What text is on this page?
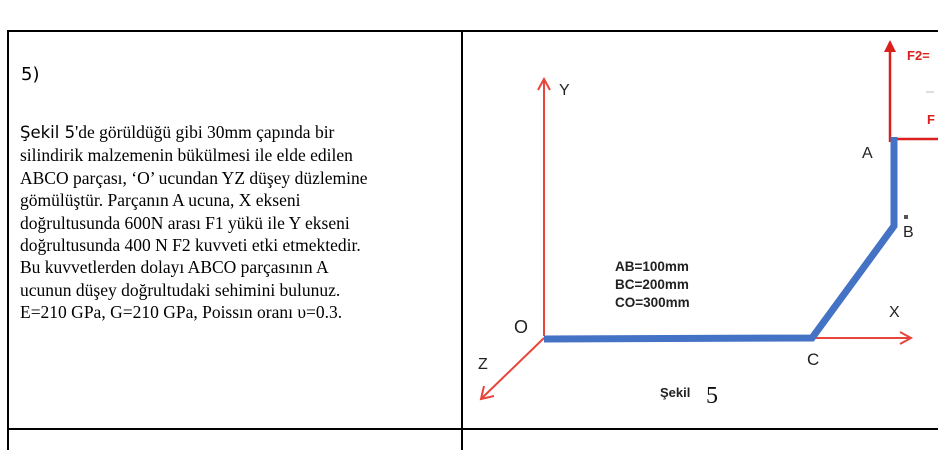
5)
Şekil 5'de görüldüğü gibi 30mm çapında bir
silindirik malzemenin bükülmesi ile elde edilen
ABCO parçası, ‘O’ ucundan YZ düşey düzlemine
gömülüştür. Parçanın A ucuna, X ekseni
doğrultusunda 600N arası F1 yükü ile Y ekseni
doğrultusunda 400 N F2 kuvveti etki etmektedir.
Bu kuvvetlerden dolayı ABCO parçasının A
ucunun düşey doğrultudaki sehimini bulunuz.
E=210 GPa, G=210 GPa, Poissın oranı υ=0.3.
Y
X
Z
O
A
B
C
F2=
F
AB=100mm
BC=200mm
CO=300mm
Şekil 5
